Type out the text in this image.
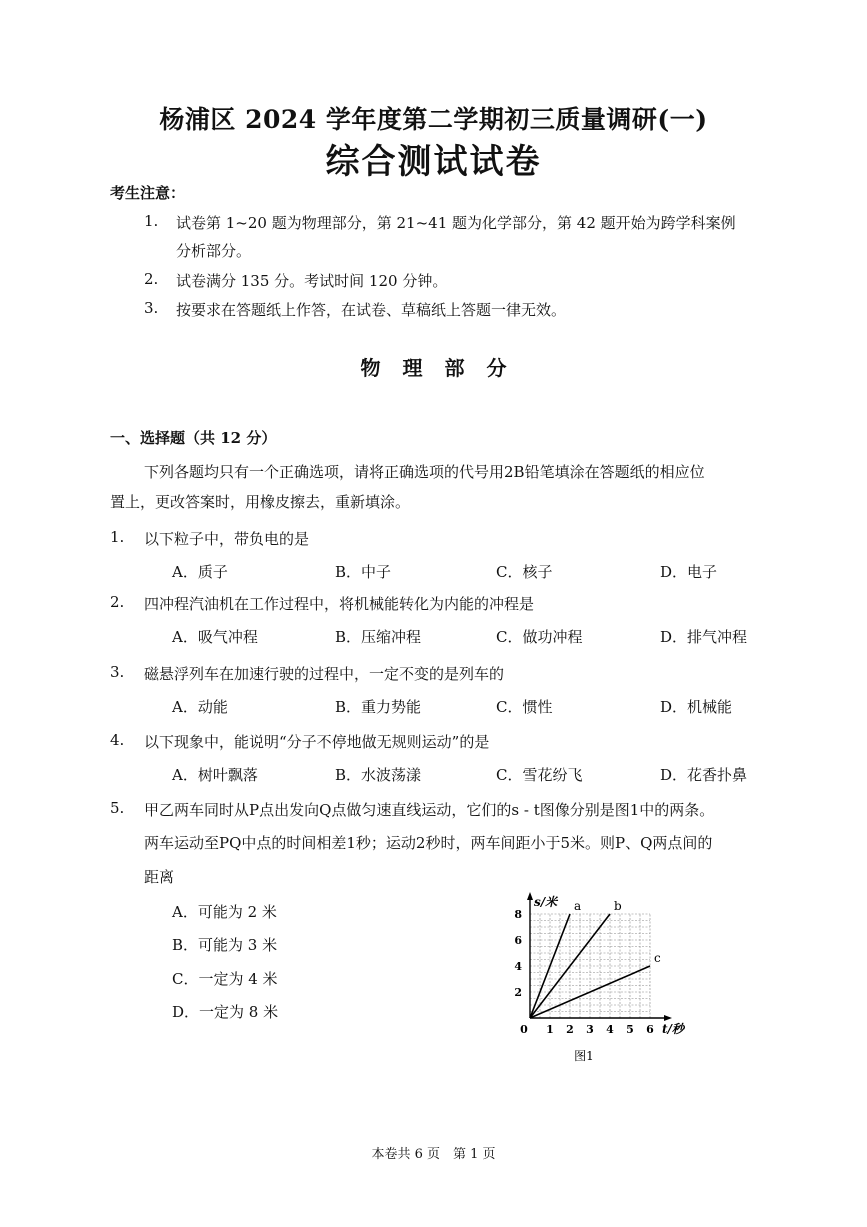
杨浦区 2024 学年度第二学期初三质量调研(一)
综合测试试卷
考生注意：
1.	试卷第 1~20 题为物理部分，第 21~41 题为化学部分，第 42 题开始为跨学科案例
分析部分。
2.	试卷满分 135 分。考试时间 120 分钟。
3.	按要求在答题纸上作答，在试卷、草稿纸上答题一律无效。
物理部分
一、选择题（共 12 分）
下列各题均只有一个正确选项，请将正确选项的代号用2B铅笔填涂在答题纸的相应位
置上，更改答案时，用橡皮擦去，重新填涂。
1.	以下粒子中，带负电的是
A．质子	B．中子	C．核子	D．电子
2.	四冲程汽油机在工作过程中，将机械能转化为内能的冲程是
A．吸气冲程	B．压缩冲程	C．做功冲程	D．排气冲程
3.	磁悬浮列车在加速行驶的过程中，一定不变的是列车的
A．动能	B．重力势能	C．惯性	D．机械能
4.	以下现象中，能说明“分子不停地做无规则运动”的是
A．树叶飘落	B．水波荡漾	C．雪花纷飞	D．花香扑鼻
5.	甲乙两车同时从P点出发向Q点做匀速直线运动，它们的s - t图像分别是图1中的两条。
两车运动至PQ中点的时间相差1秒；运动2秒时，两车间距小于5米。则P、Q两点间的
距离
A．可能为 2 米
B．可能为 3 米
C．一定为 4 米
D．一定为 8 米
0 1 2 3 4 5 6
2
4
6
8
s/米
t/秒
a	b
c
图1
本卷共 6 页　第 1 页
